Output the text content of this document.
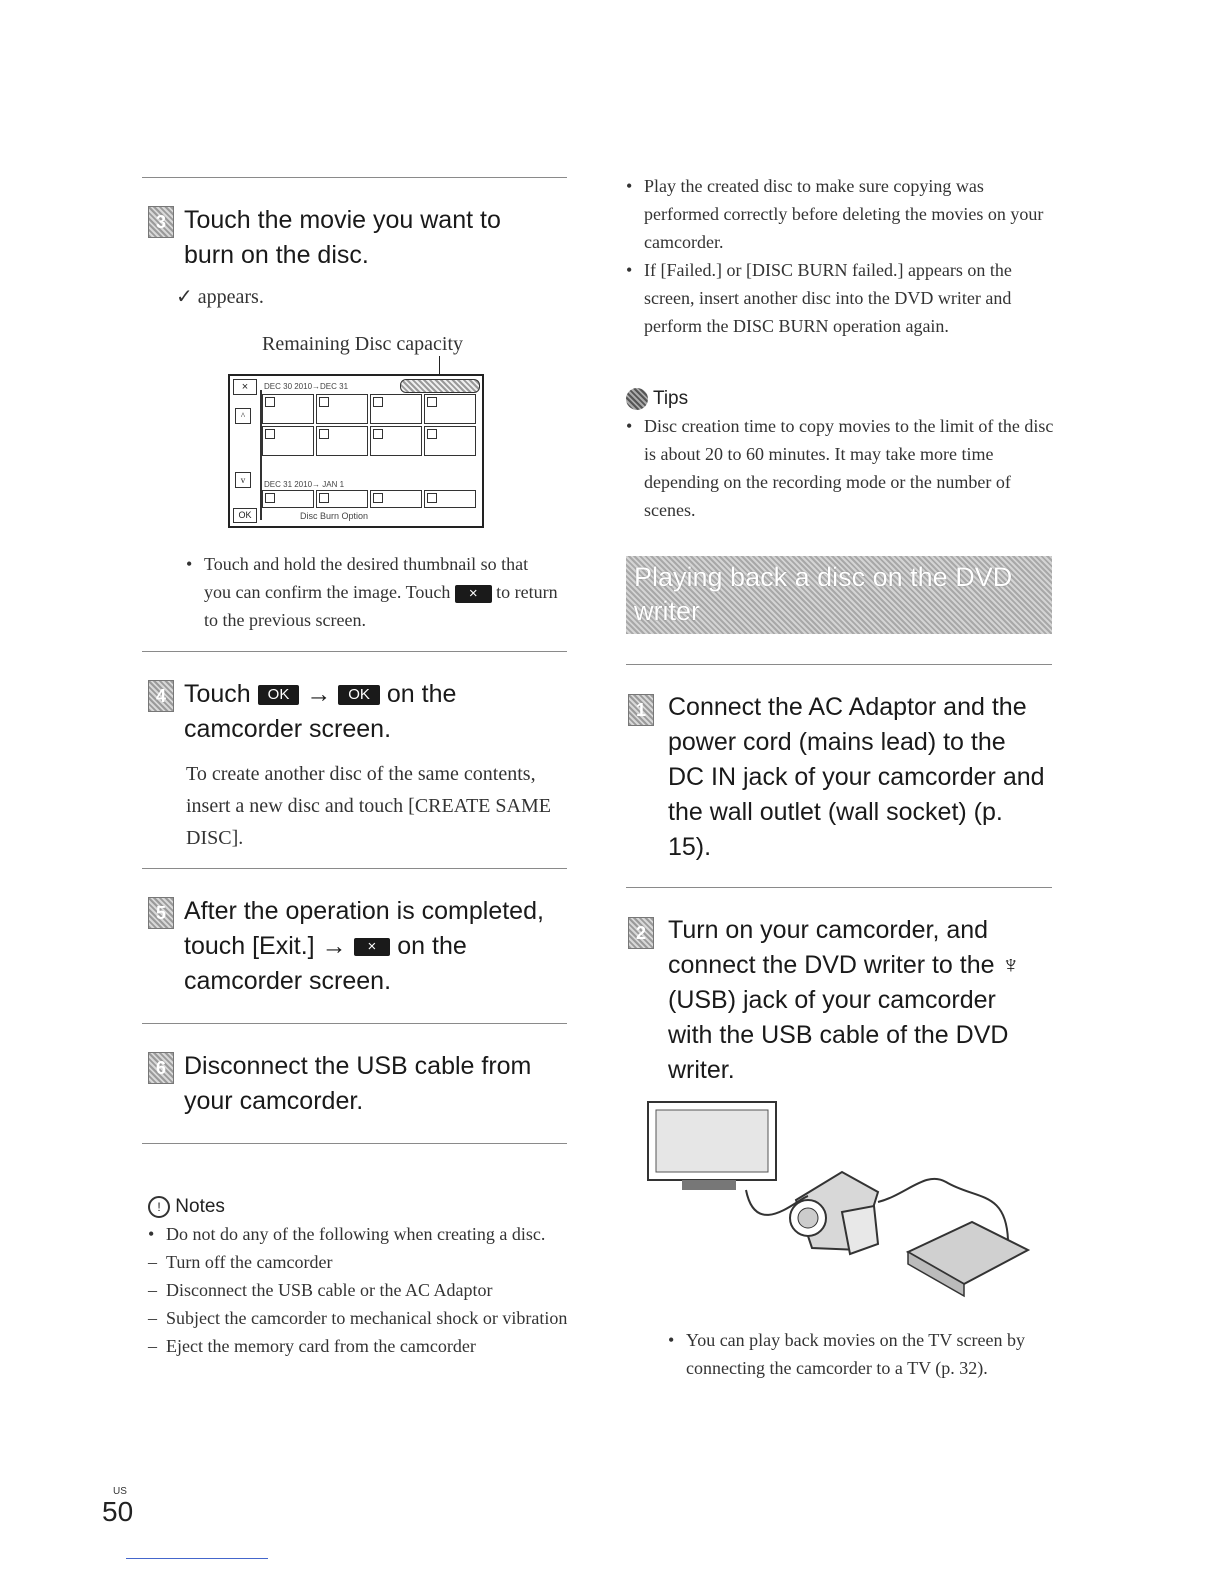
3 Touch the movie you want to burn on the disc.
✓ appears.
Remaining Disc capacity
×	DEC 30 2010→DEC 31
^
v
OK
DEC 31 2010→ JAN 1
Disc Burn Option
• Touch and hold the desired thumbnail so that you can confirm the image. Touch × to return to the previous screen.
4 Touch OK → OK on the camcorder screen.
To create another disc of the same contents, insert a new disc and touch [CREATE SAME DISC].
5 After the operation is completed, touch [Exit.] → × on the camcorder screen.
6 Disconnect the USB cable from your camcorder.
! Notes
• Do not do any of the following when creating a disc.
– Turn off the camcorder
– Disconnect the USB cable or the AC Adaptor
– Subject the camcorder to mechanical shock or vibration
– Eject the memory card from the camcorder
• Play the created disc to make sure copying was performed correctly before deleting the movies on your camcorder.
• If [Failed.] or [DISC BURN failed.] appears on the screen, insert another disc into the DVD writer and perform the DISC BURN operation again.
Tips
• Disc creation time to copy movies to the limit of the disc is about 20 to 60 minutes. It may take more time depending on the recording mode or the number of scenes.
Playing back a disc on the DVD writer
1 Connect the AC Adaptor and the power cord (mains lead) to the DC IN jack of your camcorder and the wall outlet (wall socket) (p. 15).
2 Turn on your camcorder, and connect the DVD writer to the ♆ (USB) jack of your camcorder with the USB cable of the DVD writer.
• You can play back movies on the TV screen by connecting the camcorder to a TV (p. 32).
US
50
